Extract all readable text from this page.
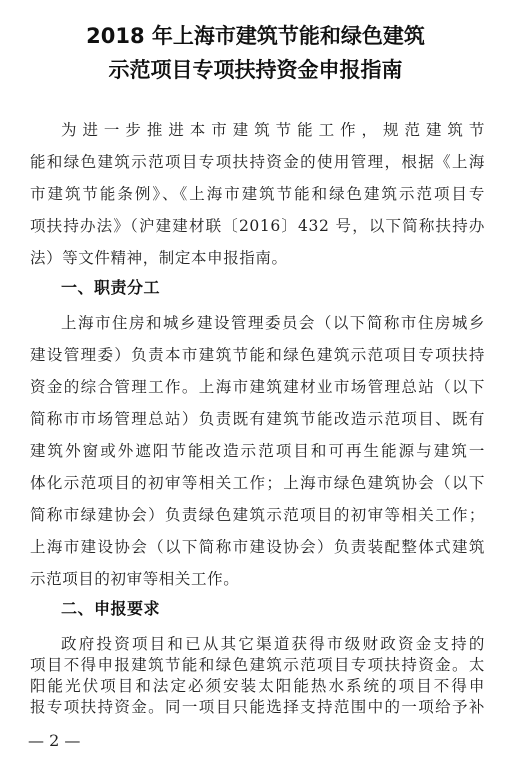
2018 年上海市建筑节能和绿色建筑
示范项目专项扶持资金申报指南
为进一步推进本市建筑节能工作，规范建筑节
能和绿色建筑示范项目专项扶持资金的使用管理，根据《上海
市建筑节能条例》、《上海市建筑节能和绿色建筑示范项目专
项扶持办法》（沪建建材联〔2016〕432 号，以下简称扶持办
法）等文件精神，制定本申报指南。
一、职责分工
上海市住房和城乡建设管理委员会（以下简称市住房城乡
建设管理委）负责本市建筑节能和绿色建筑示范项目专项扶持
资金的综合管理工作。上海市建筑建材业市场管理总站（以下
简称市市场管理总站）负责既有建筑节能改造示范项目、既有
建筑外窗或外遮阳节能改造示范项目和可再生能源与建筑一
体化示范项目的初审等相关工作；上海市绿色建筑协会（以下
简称市绿建协会）负责绿色建筑示范项目的初审等相关工作；
上海市建设协会（以下简称市建设协会）负责装配整体式建筑
示范项目的初审等相关工作。
二、申报要求
政府投资项目和已从其它渠道获得市级财政资金支持的
项目不得申报建筑节能和绿色建筑示范项目专项扶持资金。太
阳能光伏项目和法定必须安装太阳能热水系统的项目不得申
— 2 —
报专项扶持资金。同一项目只能选择支持范围中的一项给予补
